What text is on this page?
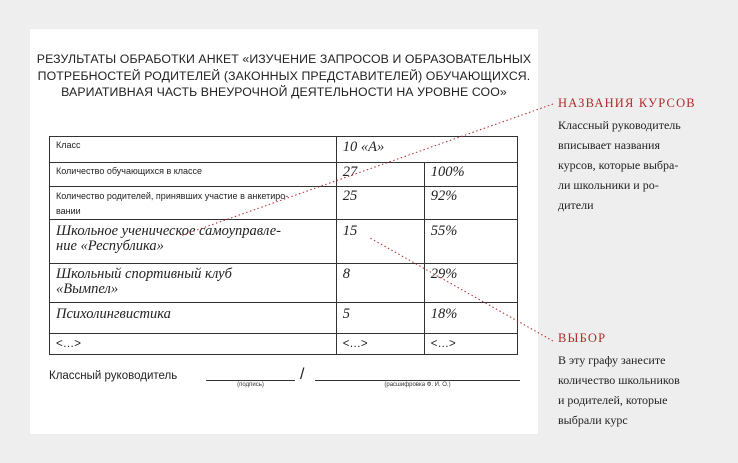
РЕЗУЛЬТАТЫ ОБРАБОТКИ АНКЕТ «ИЗУЧЕНИЕ ЗАПРОСОВ И ОБРАЗОВАТЕЛЬНЫХ
ПОТРЕБНОСТЕЙ РОДИТЕЛЕЙ (ЗАКОННЫХ ПРЕДСТАВИТЕЛЕЙ) ОБУЧАЮЩИХСЯ.
ВАРИАТИВНАЯ ЧАСТЬ ВНЕУРОЧНОЙ ДЕЯТЕЛЬНОСТИ НА УРОВНЕ СОО»
Класс	10 «А»	
Количество обучающихся в классе	27	100%
Количество родителей, принявших участие в анкетиро-
вании	25	92%
Школьное ученическое самоуправле-
ние «Республика»	15	55%
Школьный спортивный клуб
«Вымпел»	8	29%
Психолингвистика	5	18%
<…>	<…>	<…>
Классный руководитель	/
(подпись)	(расшифровка Ф. И. О.)
НАЗВАНИЯ КУРСОВ
Классный руководитель
вписывает названия
курсов, которые выбра-
ли школьники и ро-
дители
ВЫБОР
В эту графу занесите
количество школьников
и родителей, которые
выбрали курс
